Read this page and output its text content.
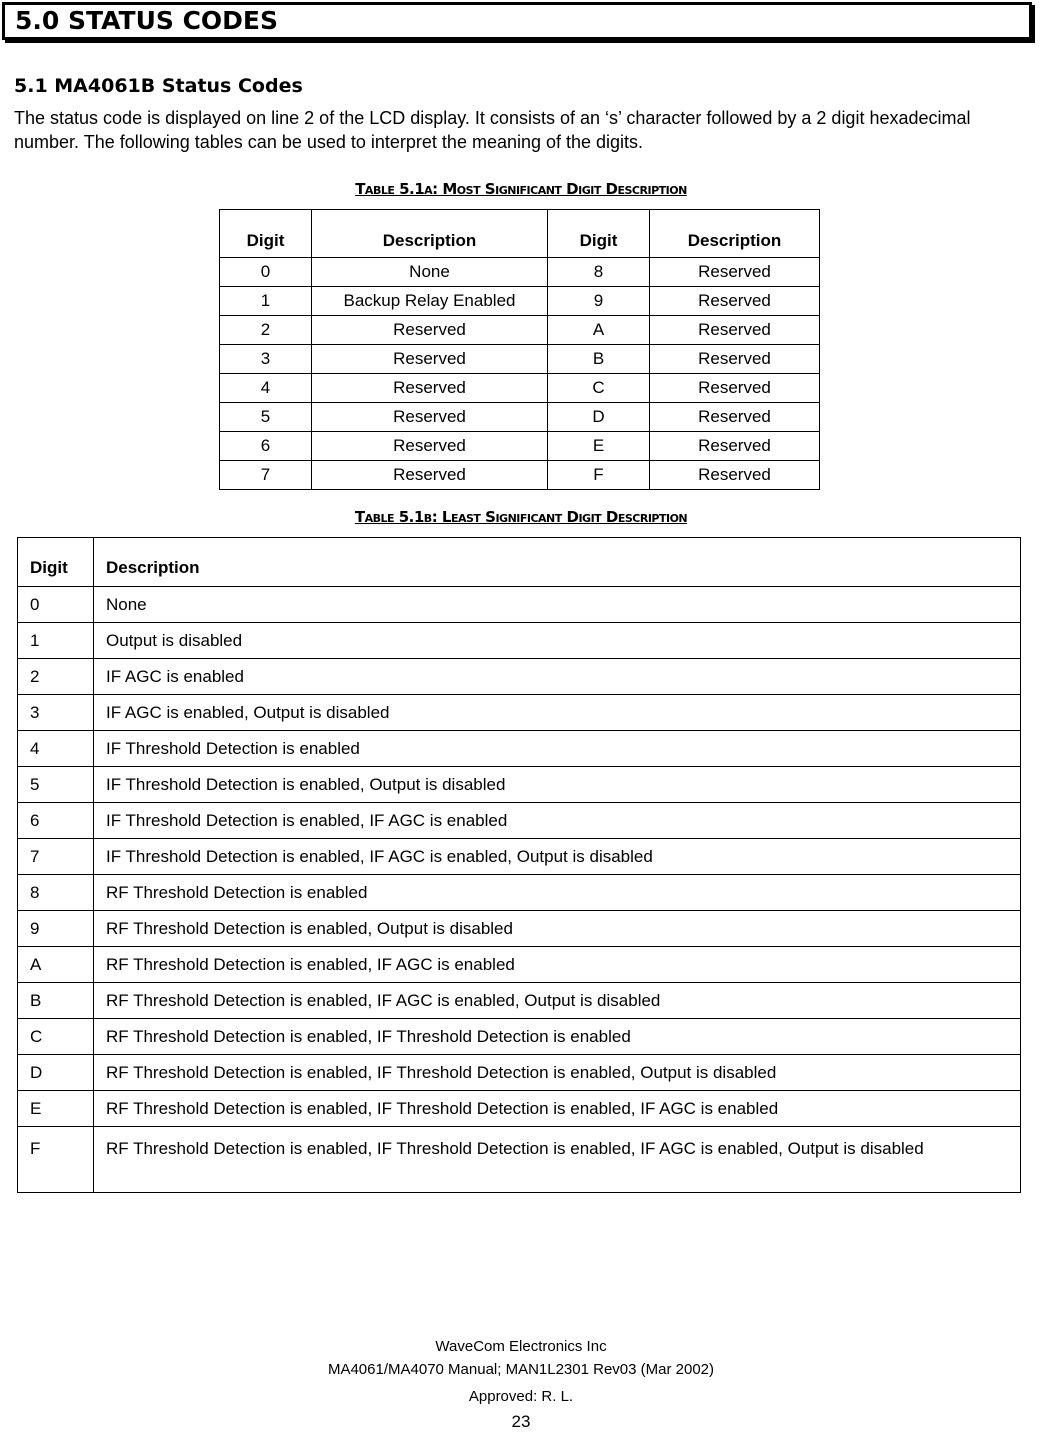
5.0 STATUS CODES
5.1 MA4061B Status Codes
The status code is displayed on line 2 of the LCD display. It consists of an ‘s’ character followed by a 2 digit hexadecimal number. The following tables can be used to interpret the meaning of the digits.
Table 5.1a: Most Significant Digit Description
Digit	Description	Digit	Description
0	None	8	Reserved
1	Backup Relay Enabled	9	Reserved
2	Reserved	A	Reserved
3	Reserved	B	Reserved
4	Reserved	C	Reserved
5	Reserved	D	Reserved
6	Reserved	E	Reserved
7	Reserved	F	Reserved
Table 5.1b: Least Significant Digit Description
Digit	Description
0	None
1	Output is disabled
2	IF AGC is enabled
3	IF AGC is enabled, Output is disabled
4	IF Threshold Detection is enabled
5	IF Threshold Detection is enabled, Output is disabled
6	IF Threshold Detection is enabled, IF AGC is enabled
7	IF Threshold Detection is enabled, IF AGC is enabled, Output is disabled
8	RF Threshold Detection is enabled
9	RF Threshold Detection is enabled, Output is disabled
A	RF Threshold Detection is enabled, IF AGC is enabled
B	RF Threshold Detection is enabled, IF AGC is enabled, Output is disabled
C	RF Threshold Detection is enabled, IF Threshold Detection is enabled
D	RF Threshold Detection is enabled, IF Threshold Detection is enabled, Output is disabled
E	RF Threshold Detection is enabled, IF Threshold Detection is enabled, IF AGC is enabled
F	RF Threshold Detection is enabled, IF Threshold Detection is enabled, IF AGC is enabled, Output is disabled
WaveCom Electronics Inc
MA4061/MA4070 Manual; MAN1L2301 Rev03 (Mar 2002)
Approved: R. L.
23
